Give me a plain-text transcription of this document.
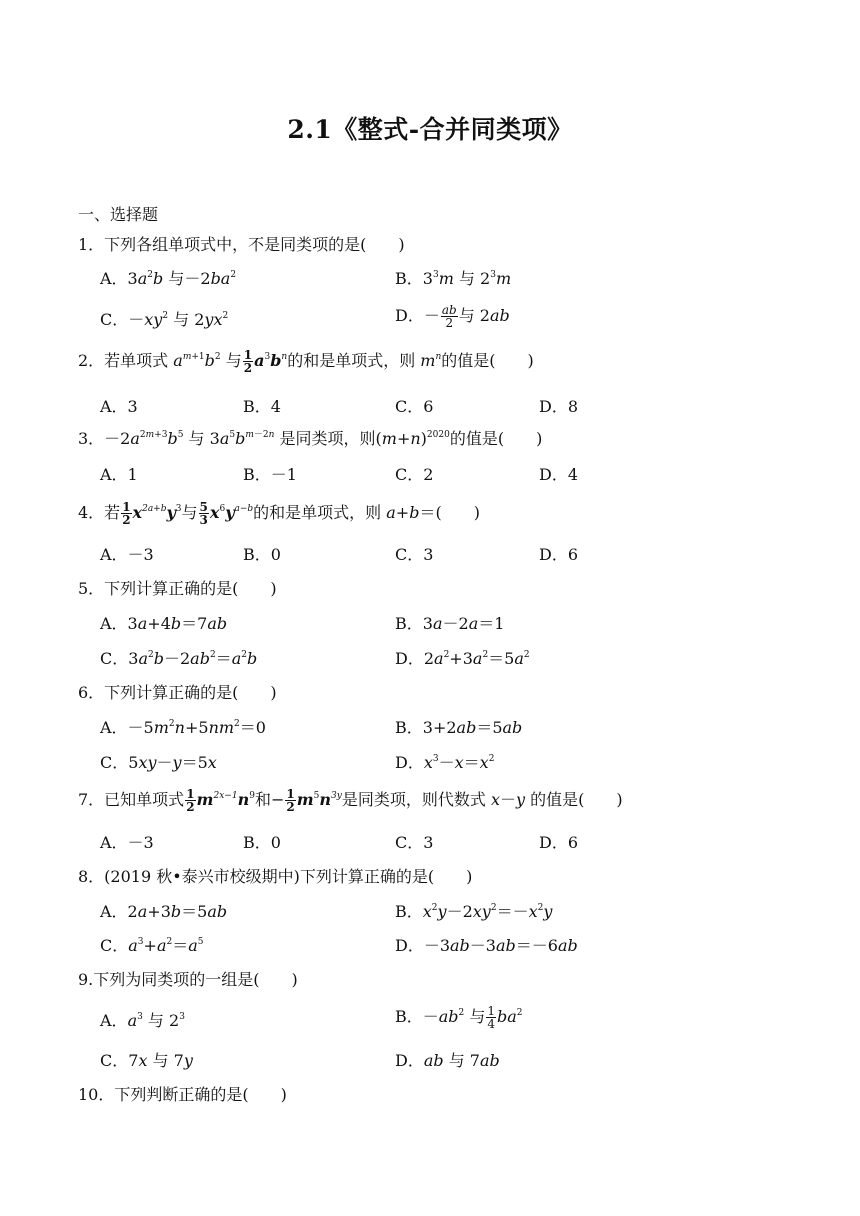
2.1《整式-合并同类项》
一、选择题
1．下列各组单项式中，不是同类项的是(　　)
A．$3a^2b$ 与$-2ba^2$	B．$3^3m$ 与 $2^3m$
C．$-xy^2$ 与 $2yx^2$	D．－ $\frac{ab}{2}$ 与 2ab
2．若单项式 $a^{m+1}b^2$ 与 $\frac{1}{2} a^3b^n$的和是单项式，则 $m^n$的值是(　　)
A．3	B．4	C．6	D．8
3．$-2a^{2m+3}b^5$ 与 $3a^5b^{m-2n}$ 是同类项，则$(m+n)^{2020}$的值是(　　)
A．1	B．－1	C．2	D．4
4．若 $\frac{1}{2} x^{2a+b}y^3$与 $\frac{5}{3} x^6y^{a-b}$的和是单项式，则 a+b＝(　　)
A．－3	B．0	C．3	D．6
5．下列计算正确的是(　　)
A．3a+4b＝7ab	B．3a－2a＝1
C．$3a^2b-2ab^2=a^2b$	D．$2a^2+3a^2=5a^2$
6．下列计算正确的是(　　)
A．$-5m^2n+5nm^2=0$	B．3+2ab＝5ab
C．5xy－y＝5x	D．$x^3-x=x^2$
7．已知单项式 $\frac{1}{2} m^{2x-1}n^9$和− $\frac{1}{2} m^5n^{3y}$是同类项，则代数式 x－y 的值是(　　)
A．－3	B．0	C．3	D．6
8．(2019 秋•泰兴市校级期中)下列计算正确的是(　　)
A．2a+3b＝5ab	B．$x^2y-2xy^2=-x^2y$
C．$a^3+a^2=a^5$	D．－3ab－3ab＝－6ab
9.下列为同类项的一组是(　　)
A．$a^3$ 与 $2^3$	B．$-ab^2$ 与 $\frac{1}{4} ba^2$
C．7x 与 7y	D．ab 与 7ab
10．下列判断正确的是(　　)
